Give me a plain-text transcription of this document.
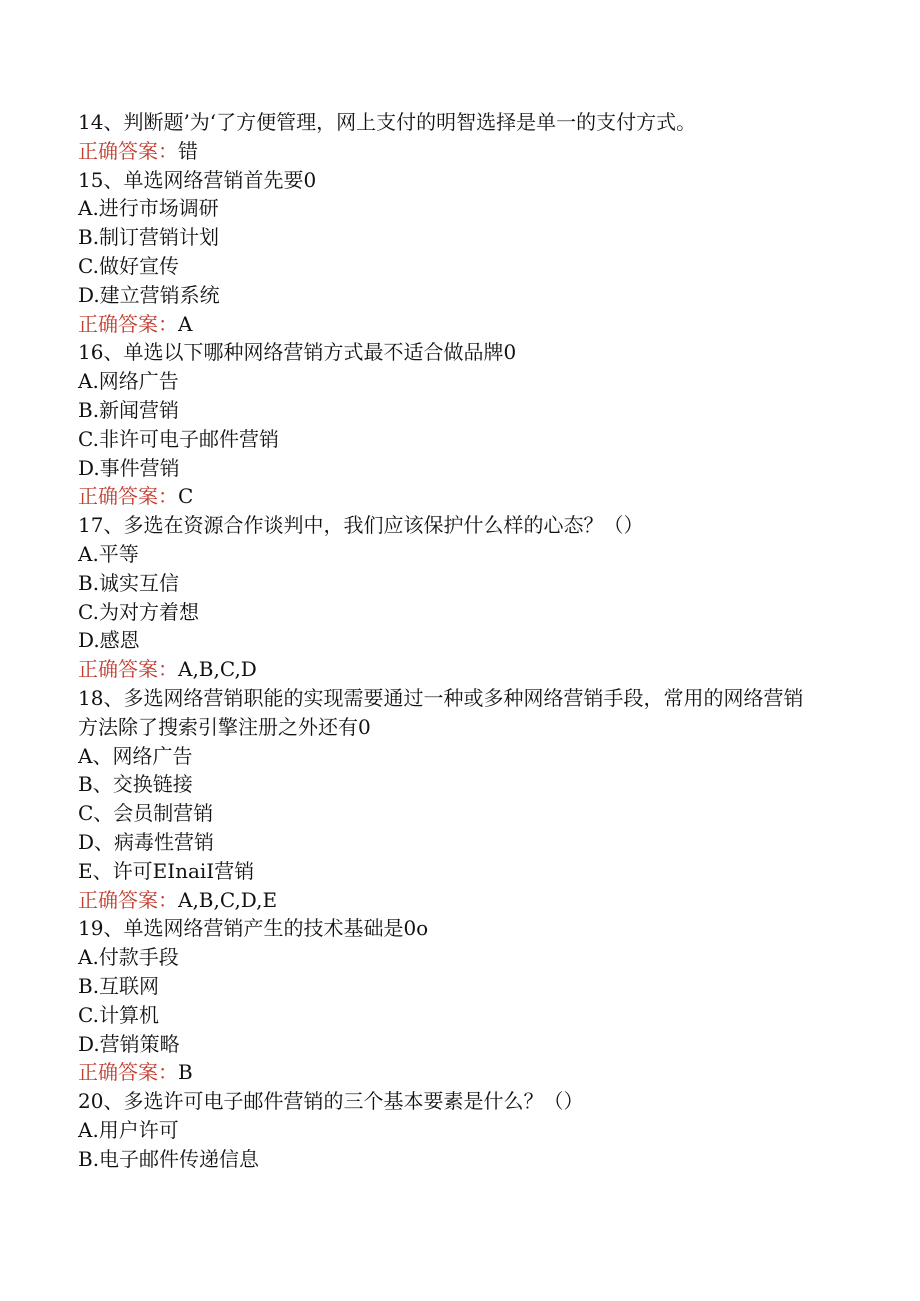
14、判断题’为‘了方便管理，网上支付的明智选择是单一的支付方式。

正确答案：错

15、单选网络营销首先要0

A.进行市场调研

B.制订营销计划

C.做好宣传

D.建立营销系统

正确答案：A

16、单选以下哪种网络营销方式最不适合做品牌0

A.网络广告

B.新闻营销

C.非许可电子邮件营销

D.事件营销

正确答案：C

17、多选在资源合作谈判中，我们应该保护什么样的心态？（）

A.平等

B.诚实互信

C.为对方着想

D.感恩

正确答案：A,B,C,D

18、多选网络营销职能的实现需要通过一种或多种网络营销手段，常用的网络营销方法除了搜索引擎注册之外还有0

A、网络广告

B、交换链接

C、会员制营销

D、病毒性营销

E、许可EInaiI营销

正确答案：A,B,C,D,E

19、单选网络营销产生的技术基础是0o

A.付款手段

B.互联网

C.计算机

D.营销策略

正确答案：B

20、多选许可电子邮件营销的三个基本要素是什么？（）

A.用户许可

B.电子邮件传递信息
